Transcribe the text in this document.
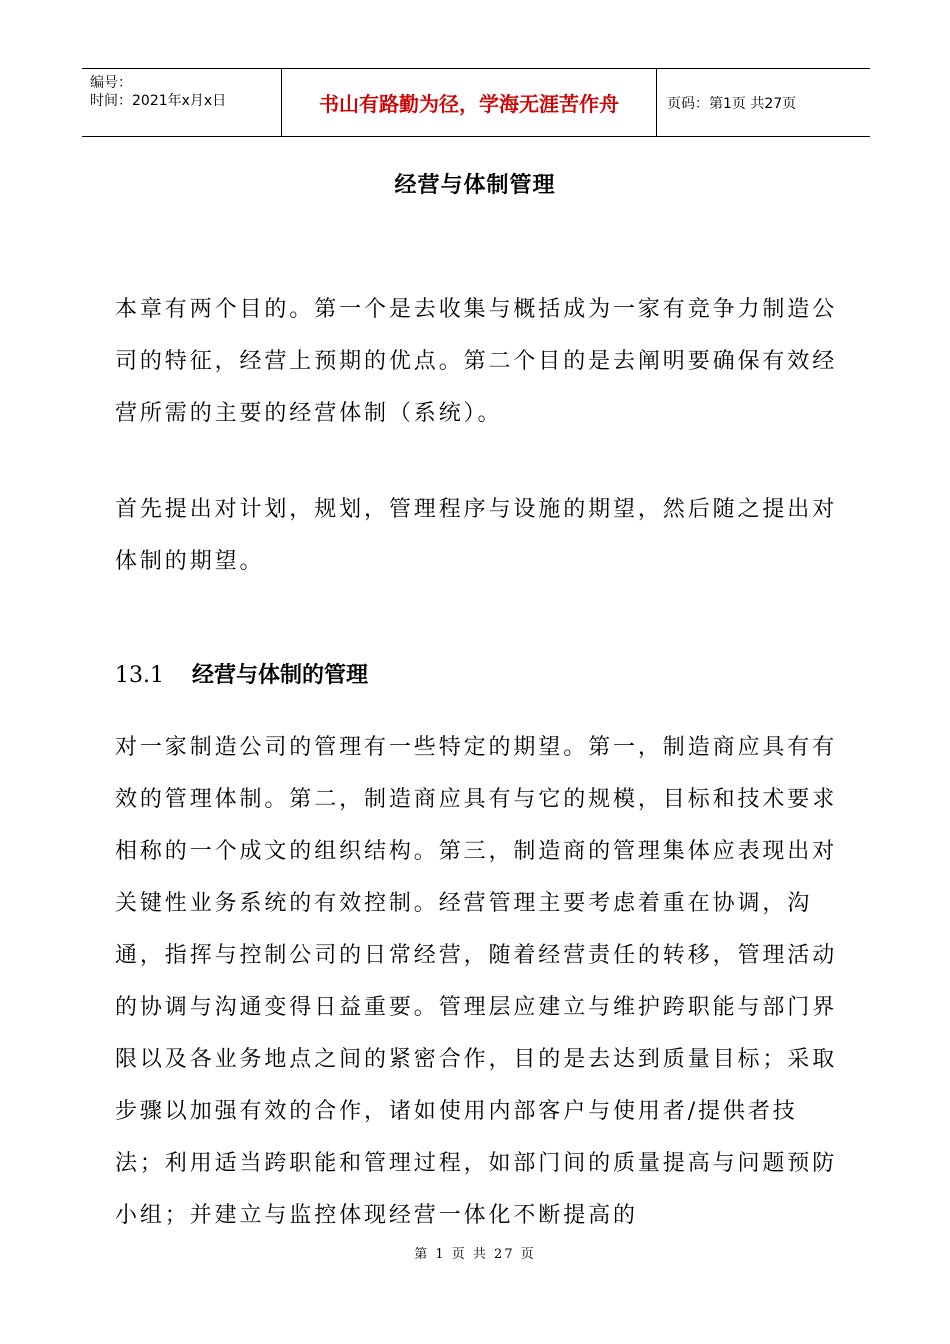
编号：
时间：2021年x月x日	书山有路勤为径，学海无涯苦作舟	页码：第1页 共27页
经营与体制管理

本章有两个目的。第一个是去收集与概括成为一家有竞争力制造公司的特征，经营上预期的优点。第二个目的是去阐明要确保有效经营所需的主要的经营体制（系统）。

首先提出对计划，规划，管理程序与设施的期望，然后随之提出对体制的期望。

13.1 经营与体制的管理

对一家制造公司的管理有一些特定的期望。第一，制造商应具有有效的管理体制。第二，制造商应具有与它的规模，目标和技术要求相称的一个成文的组织结构。第三，制造商的管理集体应表现出对关键性业务系统的有效控制。经营管理主要考虑着重在协调，沟通，指挥与控制公司的日常经营，随着经营责任的转移，管理活动的协调与沟通变得日益重要。管理层应建立与维护跨职能与部门界限以及各业务地点之间的紧密合作，目的是去达到质量目标；采取步骤以加强有效的合作，诸如使用内部客户与使用者/提供者技法；利用适当跨职能和管理过程，如部门间的质量提高与问题预防小组；并建立与监控体现经营一体化不断提高的

第 1 页 共 27 页
